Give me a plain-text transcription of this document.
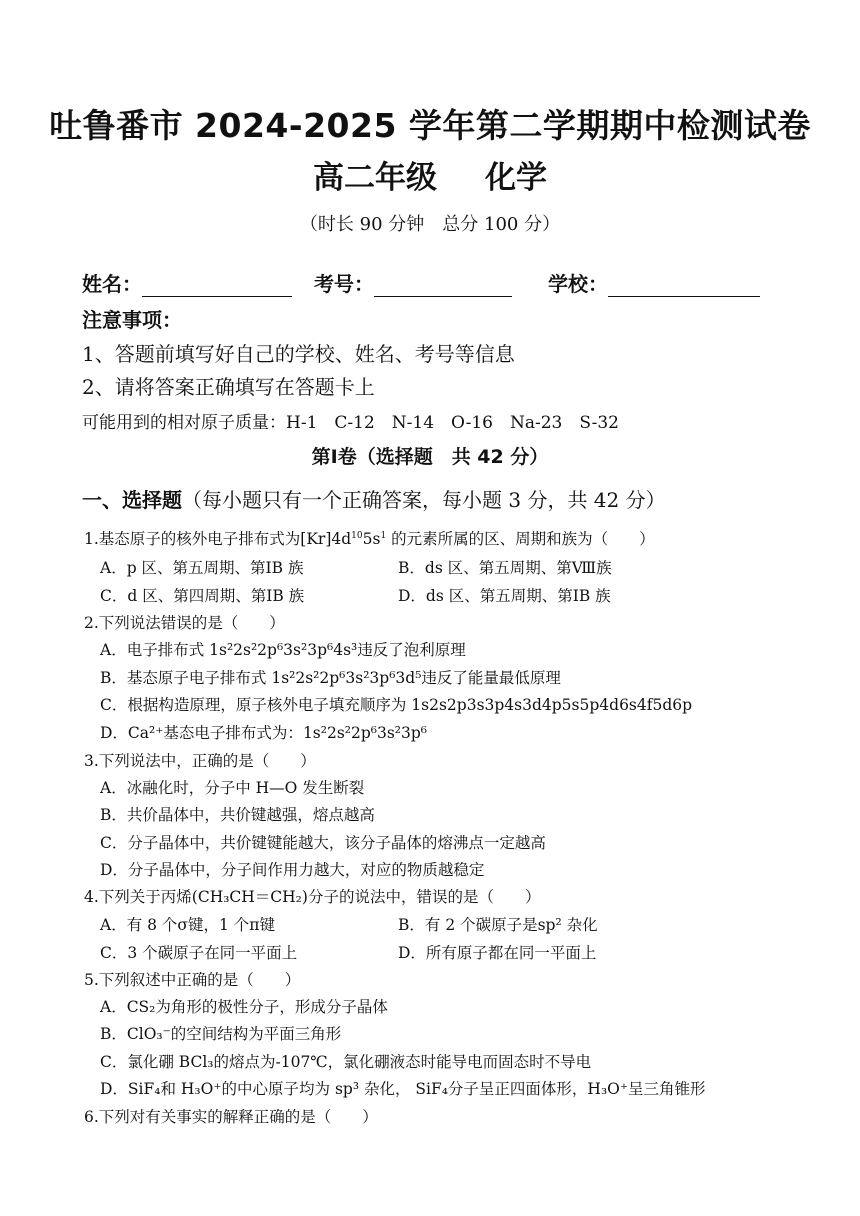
吐鲁番市 2024-2025 学年第二学期期中检测试卷
高二年级 化学
（时长 90 分钟　总分 100 分）
姓名：	考号：	学校：
注意事项：
1、答题前填写好自己的学校、姓名、考号等信息
2、请将答案正确填写在答题卡上
可能用到的相对原子质量：H-1　C-12　N-14　O-16　Na-23　S-32
第Ⅰ卷（选择题　共 42 分）
一、选择题（每小题只有一个正确答案，每小题 3 分，共 42 分）
1.基态原子的核外电子排布式为$[Kr]4d^{10}5s^1$ 的元素所属的区、周期和族为（　　）
A．p 区、第五周期、第ⅠB 族	B．ds 区、第五周期、第Ⅷ族
C．d 区、第四周期、第ⅠB 族	D．ds 区、第五周期、第ⅠB 族
2.下列说法错误的是（　　）
A．电子排布式 1s²2s²2p⁶3s²3p⁶4s³违反了泡利原理
B．基态原子电子排布式 1s²2s²2p⁶3s²3p⁶3d⁵违反了能量最低原理
C．根据构造原理，原子核外电子填充顺序为 1s2s2p3s3p4s3d4p5s5p4d6s4f5d6p
D．Ca²⁺基态电子排布式为：1s²2s²2p⁶3s²3p⁶
3.下列说法中，正确的是（　　）
A．冰融化时，分子中 H—O 发生断裂
B．共价晶体中，共价键越强，熔点越高
C．分子晶体中，共价键键能越大，该分子晶体的熔沸点一定越高
D．分子晶体中，分子间作用力越大，对应的物质越稳定
4.下列关于丙烯(CH₃CH＝CH₂)分子的说法中，错误的是（　　）
A．有 8 个σ键，1 个π键	B．有 2 个碳原子是sp² 杂化
C．3 个碳原子在同一平面上	D．所有原子都在同一平面上
5.下列叙述中正确的是（　　）
A．CS₂为角形的极性分子，形成分子晶体
B．ClO₃⁻的空间结构为平面三角形
C．氯化硼 BCl₃的熔点为-107℃，氯化硼液态时能导电而固态时不导电
D．SiF₄和 H₃O⁺的中心原子均为 sp³ 杂化， SiF₄分子呈正四面体形，H₃O⁺呈三角锥形
6.下列对有关事实的解释正确的是（　　）
